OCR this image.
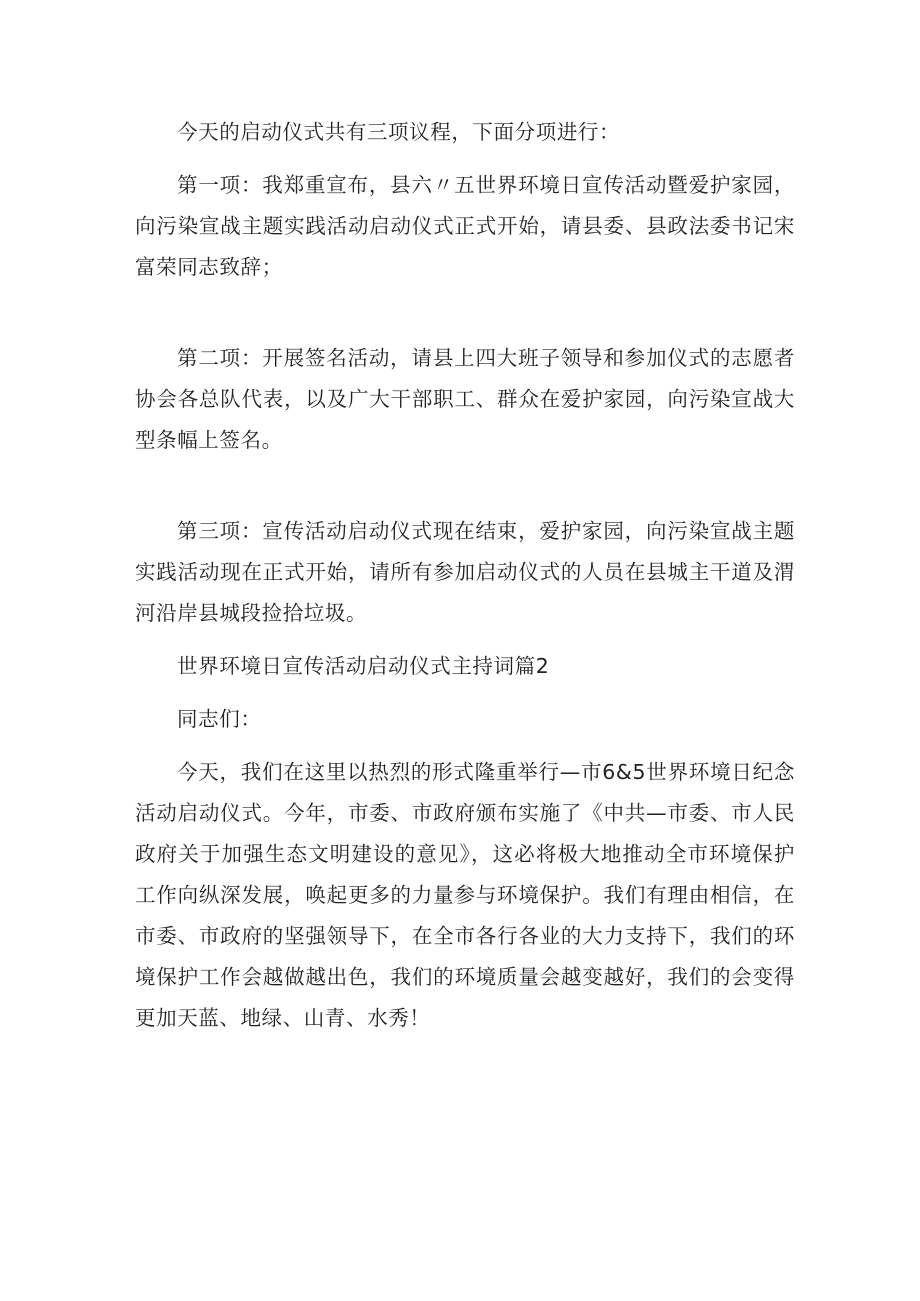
今天的启动仪式共有三项议程，下面分项进行：

第一项：我郑重宣布，县六〃五世界环境日宣传活动暨爱护家园，向污染宣战主题实践活动启动仪式正式开始，请县委、县政法委书记宋富荣同志致辞；

第二项：开展签名活动，请县上四大班子领导和参加仪式的志愿者协会各总队代表，以及广大干部职工、群众在爱护家园，向污染宣战大型条幅上签名。

第三项：宣传活动启动仪式现在结束，爱护家园，向污染宣战主题实践活动现在正式开始，请所有参加启动仪式的人员在县城主干道及渭河沿岸县城段捡拾垃圾。

世界环境日宣传活动启动仪式主持词篇2

同志们：

今天，我们在这里以热烈的形式隆重举行—市6&5世界环境日纪念活动启动仪式。今年，市委、市政府颁布实施了《中共—市委、市人民政府关于加强生态文明建设的意见》，这必将极大地推动全市环境保护工作向纵深发展，唤起更多的力量参与环境保护。我们有理由相信，在市委、市政府的坚强领导下，在全市各行各业的大力支持下，我们的环境保护工作会越做越出色，我们的环境质量会越变越好，我们的会变得更加天蓝、地绿、山青、水秀！
